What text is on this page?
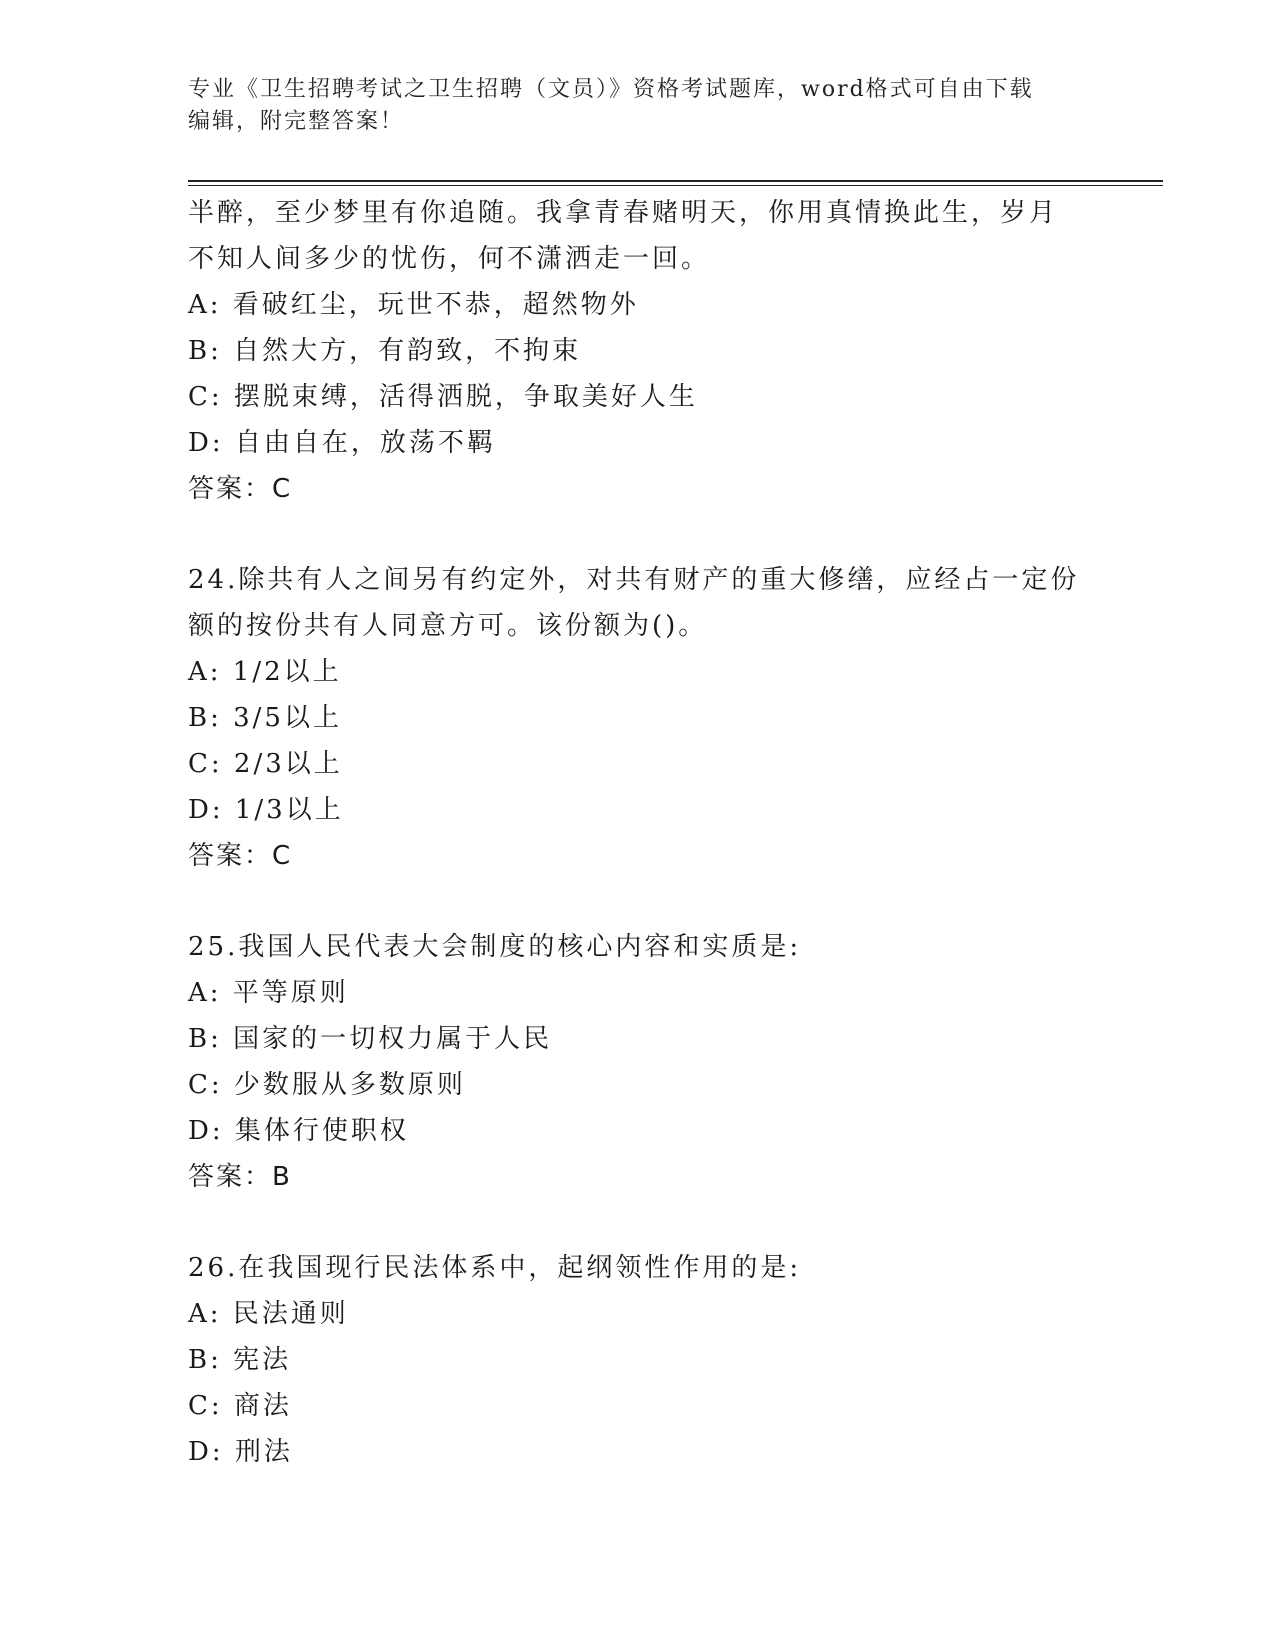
专业《卫生招聘考试之卫生招聘（文员）》资格考试题库，word格式可自由下载
编辑，附完整答案！
半醉，至少梦里有你追随。我拿青春赌明天，你用真情换此生，岁月
不知人间多少的忧伤，何不潇洒走一回。
A: 看破红尘，玩世不恭，超然物外
B: 自然大方，有韵致，不拘束
C: 摆脱束缚，活得洒脱，争取美好人生
D: 自由自在，放荡不羁
答案：C
24.除共有人之间另有约定外，对共有财产的重大修缮，应经占一定份
额的按份共有人同意方可。该份额为()。
A: 1/2以上
B: 3/5以上
C: 2/3以上
D: 1/3以上
答案：C
25.我国人民代表大会制度的核心内容和实质是:
A: 平等原则
B: 国家的一切权力属于人民
C: 少数服从多数原则
D: 集体行使职权
答案：B
26.在我国现行民法体系中，起纲领性作用的是:
A: 民法通则
B: 宪法
C: 商法
D: 刑法
